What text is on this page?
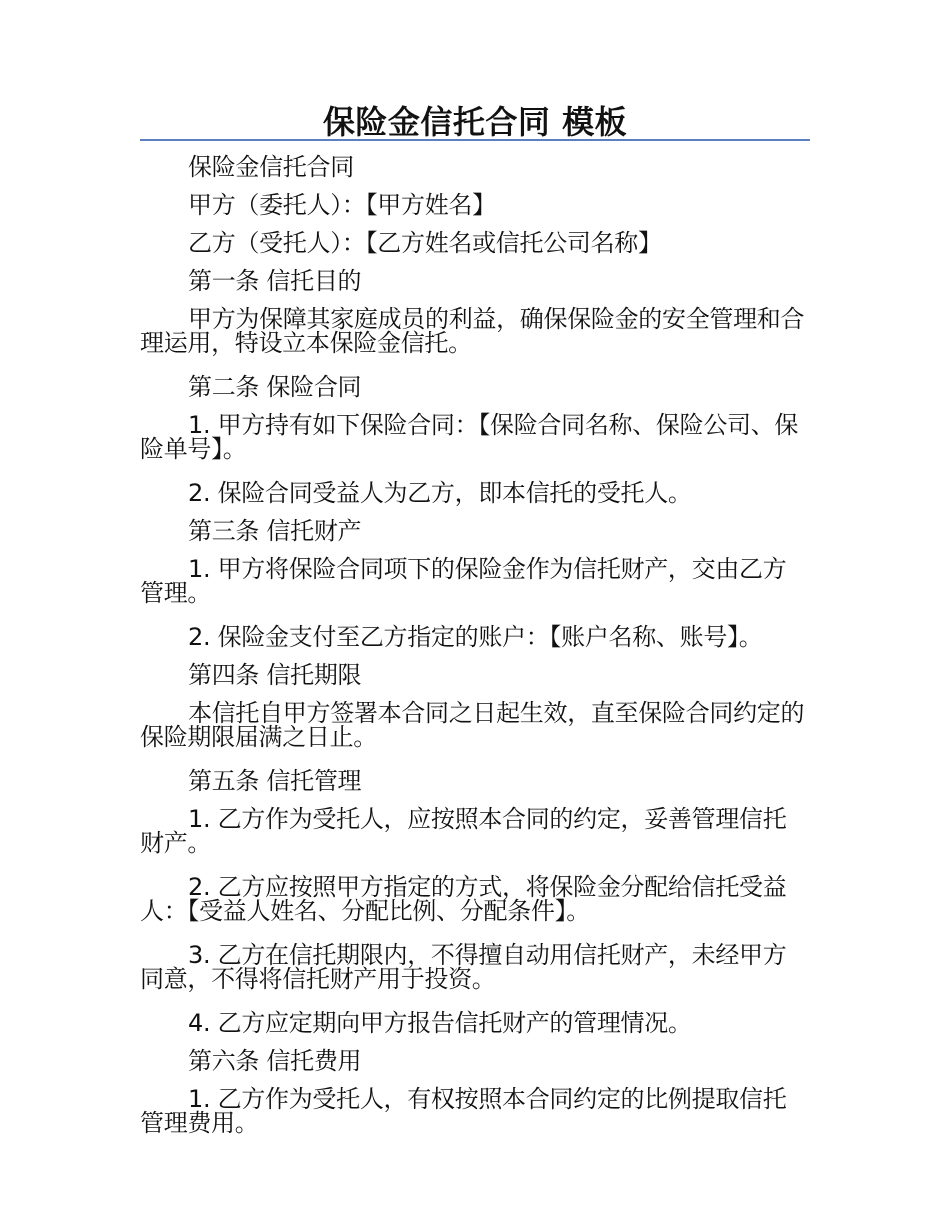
保险金信托合同 模板

保险金信托合同

甲方（委托人）：【甲方姓名】

乙方（受托人）：【乙方姓名或信托公司名称】

第一条 信托目的

甲方为保障其家庭成员的利益，确保保险金的安全管理和合理运用，特设立本保险金信托。

第二条 保险合同

1. 甲方持有如下保险合同：【保险合同名称、保险公司、保险单号】。

2. 保险合同受益人为乙方，即本信托的受托人。

第三条 信托财产

1. 甲方将保险合同项下的保险金作为信托财产，交由乙方管理。

2. 保险金支付至乙方指定的账户：【账户名称、账号】。

第四条 信托期限

本信托自甲方签署本合同之日起生效，直至保险合同约定的保险期限届满之日止。

第五条 信托管理

1. 乙方作为受托人，应按照本合同的约定，妥善管理信托财产。

2. 乙方应按照甲方指定的方式，将保险金分配给信托受益人：【受益人姓名、分配比例、分配条件】。

3. 乙方在信托期限内，不得擅自动用信托财产，未经甲方同意，不得将信托财产用于投资。

4. 乙方应定期向甲方报告信托财产的管理情况。

第六条 信托费用

1. 乙方作为受托人，有权按照本合同约定的比例提取信托管理费用。
